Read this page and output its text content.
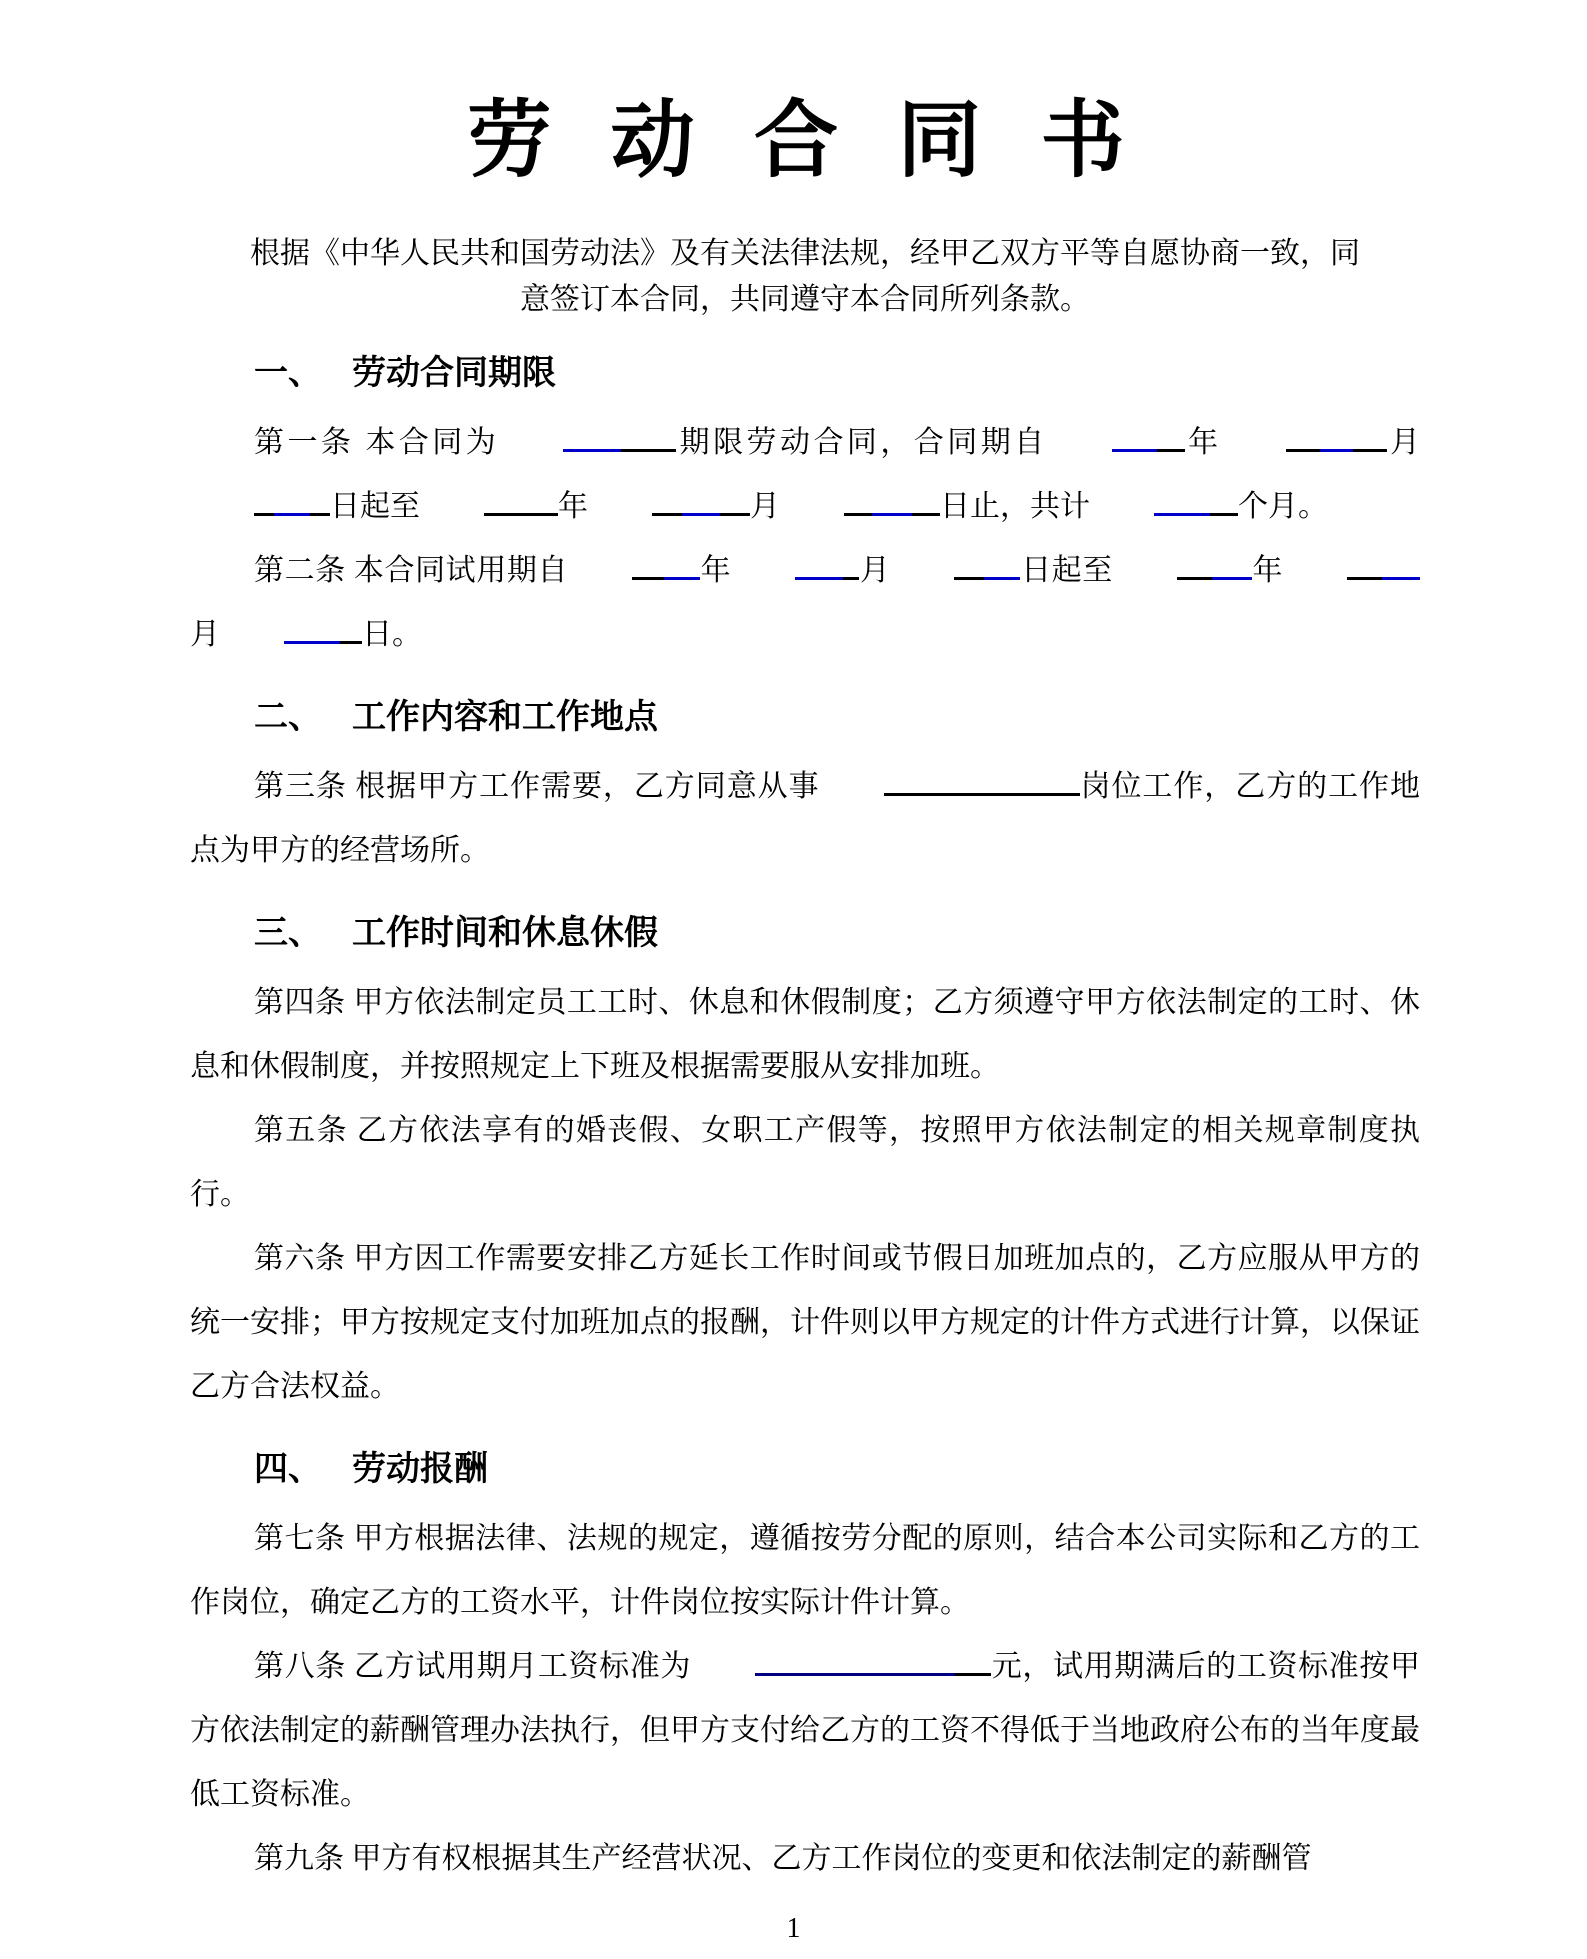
劳 动 合 同 书
根据《中华人民共和国劳动法》及有关法律法规，经甲乙双方平等自愿协商一致，同意签订本合同，共同遵守本合同所列条款。
一、 劳动合同期限

第一条 本合同为	期限劳动合同，合同期自	年	月日起至	年	月	日止，共计	个月。

第二条 本合同试用期自	年	月	日起至	年月	日。

二、 工作内容和工作地点

第三条 根据甲方工作需要，乙方同意从事	岗位工作，乙方的工作地点为甲方的经营场所。

三、 工作时间和休息休假

第四条 甲方依法制定员工工时、休息和休假制度；乙方须遵守甲方依法制定的工时、休息和休假制度，并按照规定上下班及根据需要服从安排加班。

第五条 乙方依法享有的婚丧假、女职工产假等，按照甲方依法制定的相关规章制度执行。

第六条 甲方因工作需要安排乙方延长工作时间或节假日加班加点的，乙方应服从甲方的统一安排；甲方按规定支付加班加点的报酬，计件则以甲方规定的计件方式进行计算，以保证乙方合法权益。

四、 劳动报酬

第七条 甲方根据法律、法规的规定，遵循按劳分配的原则，结合本公司实际和乙方的工作岗位，确定乙方的工资水平，计件岗位按实际计件计算。

第八条 乙方试用期月工资标准为	元，试用期满后的工资标准按甲方依法制定的薪酬管理办法执行，但甲方支付给乙方的工资不得低于当地政府公布的当年度最低工资标准。

第九条 甲方有权根据其生产经营状况、乙方工作岗位的变更和依法制定的薪酬管

1
